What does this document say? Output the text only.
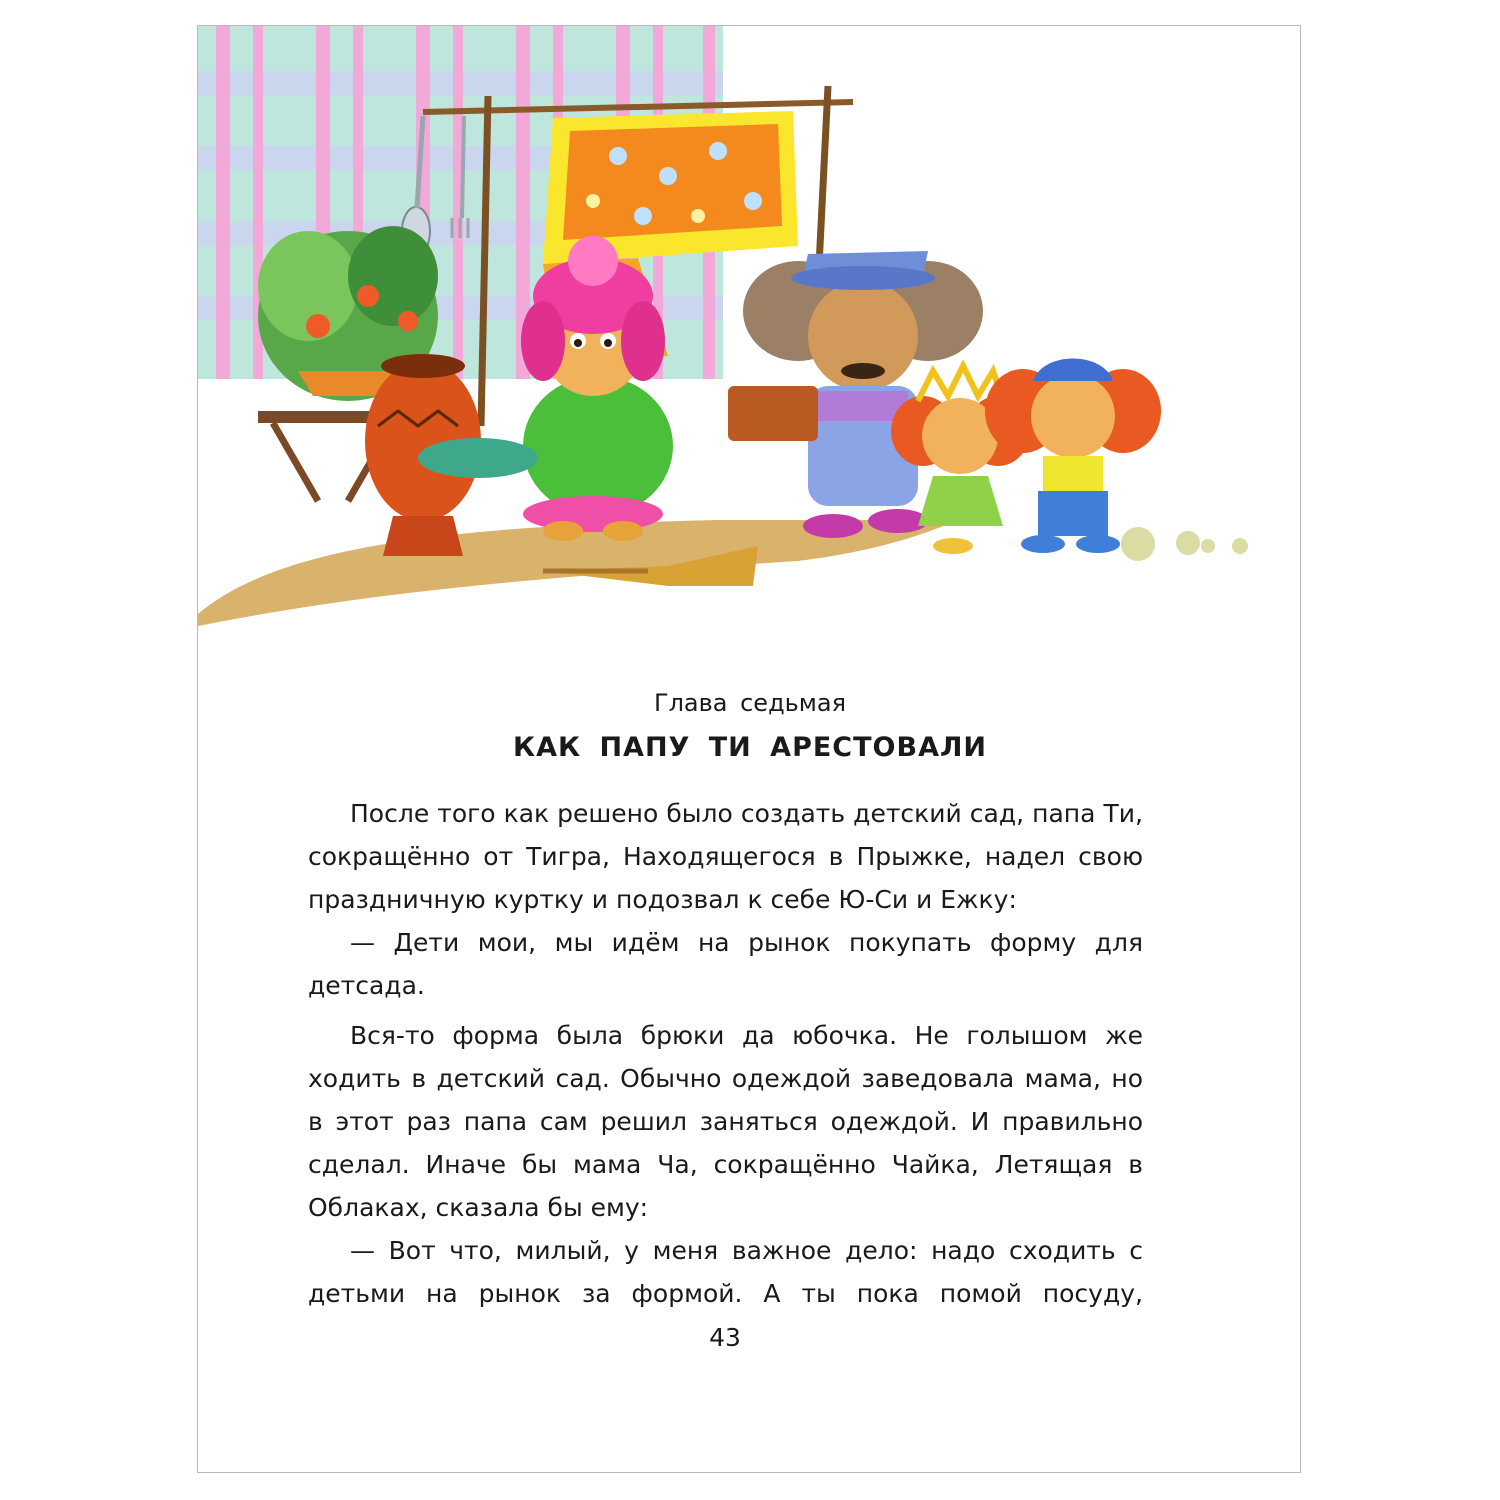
Глава седьмая
КАК ПАПУ ТИ АРЕСТОВАЛИ

После того как решено было создать детский сад, папа Ти, сокращённо от Тигра, Находящегося в Прыжке, надел свою праздничную куртку и подозвал к себе Ю-Си и Ежку:

— Дети мои, мы идём на рынок покупать форму для детсада.

Вся-то форма была брюки да юбочка. Не голышом же ходить в детский сад. Обычно одеждой заведовала мама, но в этот раз папа сам решил заняться одеждой. И правильно сделал. Иначе бы мама Ча, сокращённо Чайка, Летящая в Облаках, сказала бы ему:

— Вот что, милый, у меня важное дело: надо сходить с детьми на рынок за формой. А ты пока помой посуду,

43
